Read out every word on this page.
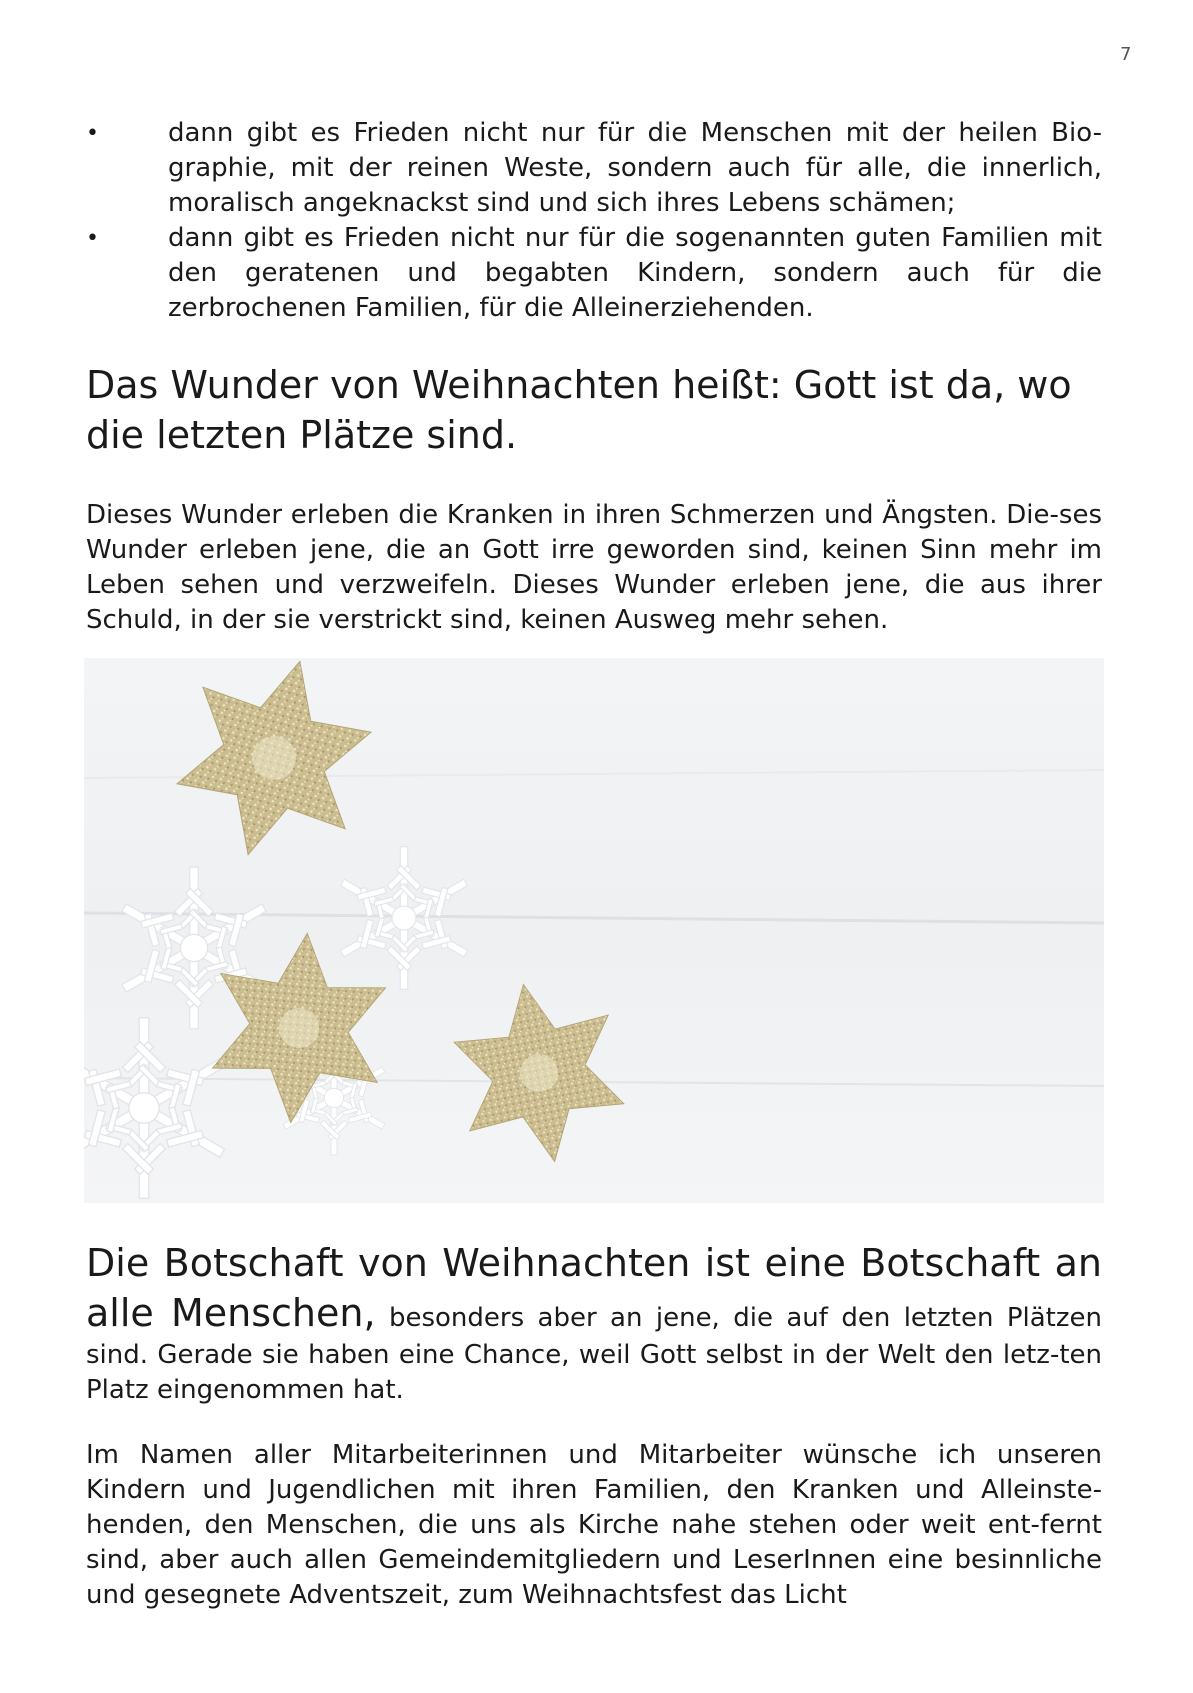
7
•	dann gibt es Frieden nicht nur für die Menschen mit der heilen Bio-graphie, mit der reinen Weste, sondern auch für alle, die innerlich, moralisch angeknackst sind und sich ihres Lebens schämen;
•	dann gibt es Frieden nicht nur für die sogenannten guten Familien mit den geratenen und begabten Kindern, sondern auch für die zerbrochenen Familien, für die Alleinerziehenden.
Das Wunder von Weihnachten heißt: Gott ist da, wo die letzten Plätze sind.

Dieses Wunder erleben die Kranken in ihren Schmerzen und Ängsten. Die-ses Wunder erleben jene, die an Gott irre geworden sind, keinen Sinn mehr im Leben sehen und verzweifeln. Dieses Wunder erleben jene, die aus ihrer Schuld, in der sie verstrickt sind, keinen Ausweg mehr sehen.

Die Botschaft von Weihnachten ist eine Botschaft an alle Menschen, besonders aber an jene, die auf den letzten Plätzen sind. Gerade sie haben eine Chance, weil Gott selbst in der Welt den letz-ten Platz eingenommen hat.

Im Namen aller Mitarbeiterinnen und Mitarbeiter wünsche ich unseren Kindern und Jugendlichen mit ihren Familien, den Kranken und Alleinste-henden, den Menschen, die uns als Kirche nahe stehen oder weit ent-fernt sind, aber auch allen Gemeindemitgliedern und LeserInnen eine besinnliche und gesegnete Adventszeit, zum Weihnachtsfest das Licht
